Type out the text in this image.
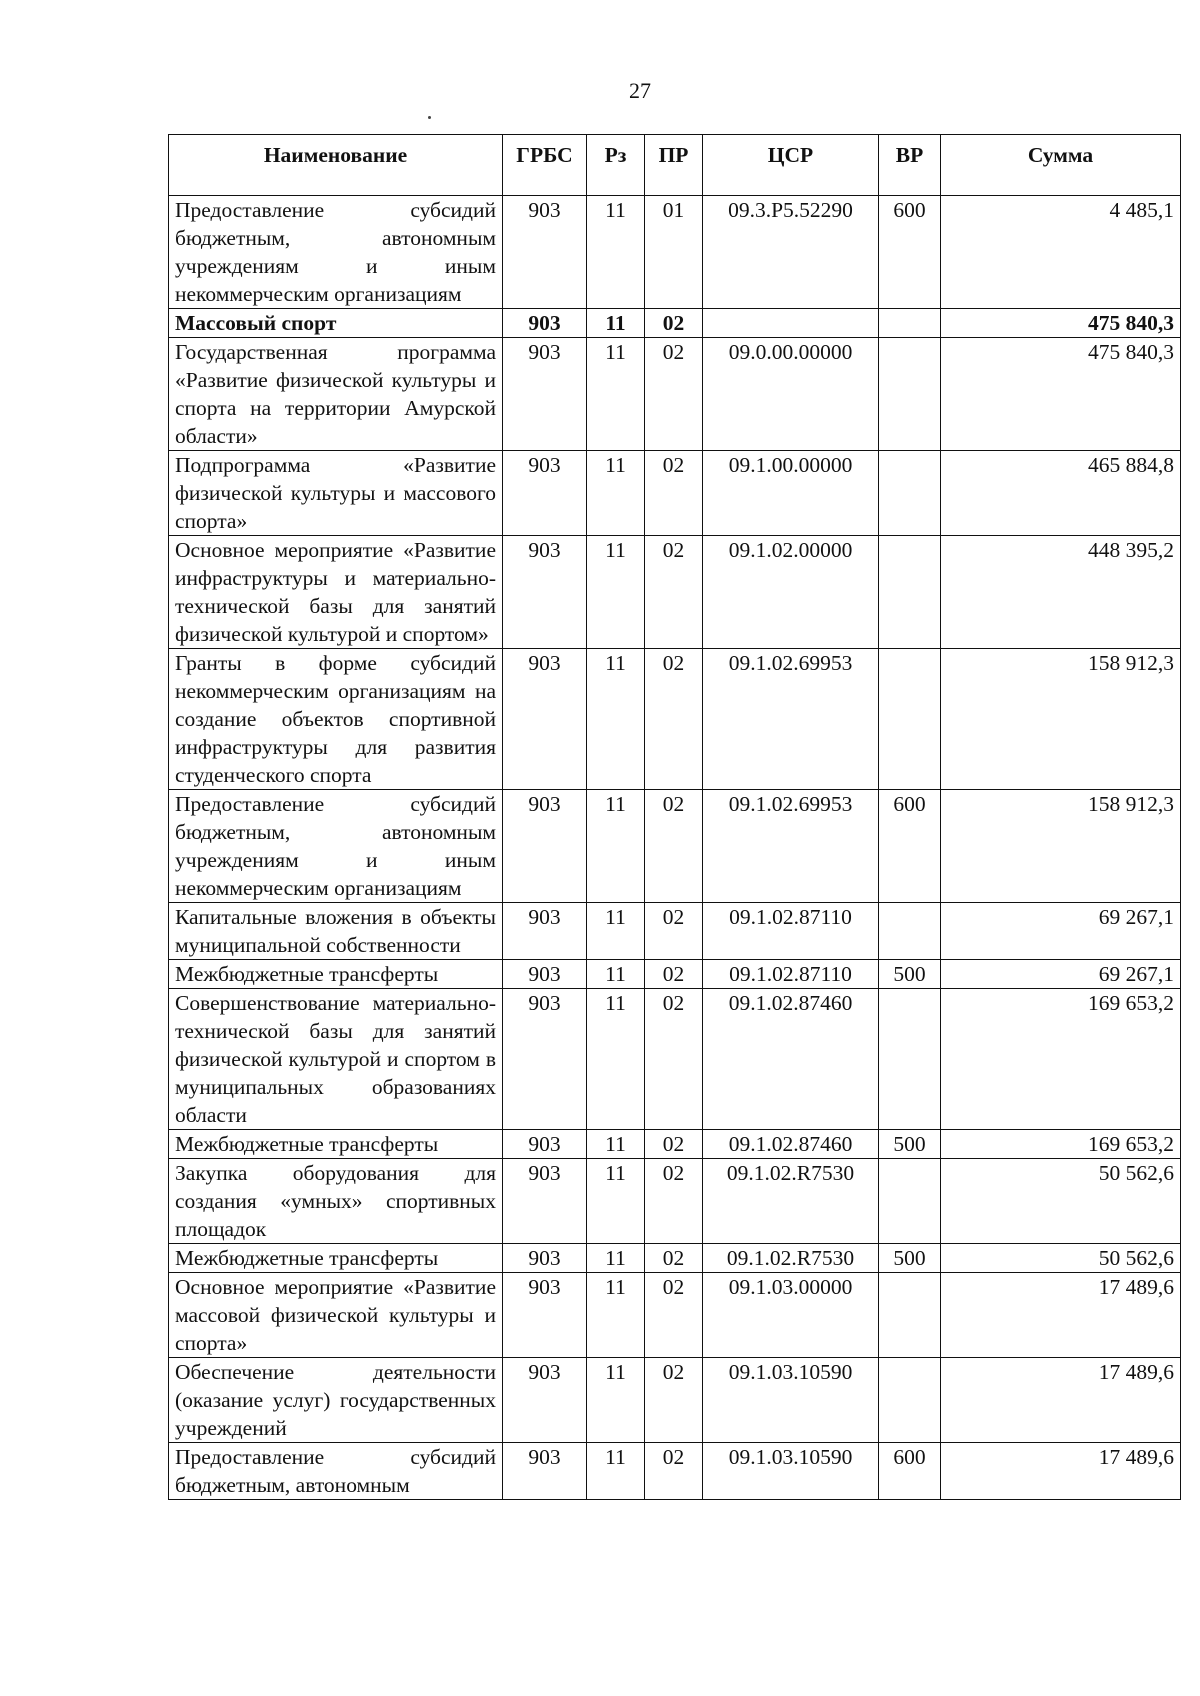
27
Наименование	ГРБС	Рз	ПР	ЦСР	ВР	Сумма
Предоставление субсидий бюджетным, автономным учреждениям и иным некоммерческим организациям	903	11	01	09.3.P5.52290	600	4 485,1
Массовый спорт	903	11	02			475 840,3
Государственная программа «Развитие физической культуры и спорта на территории Амурской области»	903	11	02	09.0.00.00000		475 840,3
Подпрограмма «Развитие физической культуры и массового спорта»	903	11	02	09.1.00.00000		465 884,8
Основное мероприятие «Развитие инфраструктуры и материально-технической базы для занятий физической культурой и спортом»	903	11	02	09.1.02.00000		448 395,2
Гранты в форме субсидий некоммерческим организациям на создание объектов спортивной инфраструктуры для развития студенческого спорта	903	11	02	09.1.02.69953		158 912,3
Предоставление субсидий бюджетным, автономным учреждениям и иным некоммерческим организациям	903	11	02	09.1.02.69953	600	158 912,3
Капитальные вложения в объекты муниципальной собственности	903	11	02	09.1.02.87110		69 267,1
Межбюджетные трансферты	903	11	02	09.1.02.87110	500	69 267,1
Совершенствование материально-технической базы для занятий физической культурой и спортом в муниципальных образованиях области	903	11	02	09.1.02.87460		169 653,2
Межбюджетные трансферты	903	11	02	09.1.02.87460	500	169 653,2
Закупка оборудования для создания «умных» спортивных площадок	903	11	02	09.1.02.R7530		50 562,6
Межбюджетные трансферты	903	11	02	09.1.02.R7530	500	50 562,6
Основное мероприятие «Развитие массовой физической культуры и спорта»	903	11	02	09.1.03.00000		17 489,6
Обеспечение деятельности (оказание услуг) государственных учреждений	903	11	02	09.1.03.10590		17 489,6
Предоставление субсидий бюджетным, автономным	903	11	02	09.1.03.10590	600	17 489,6
